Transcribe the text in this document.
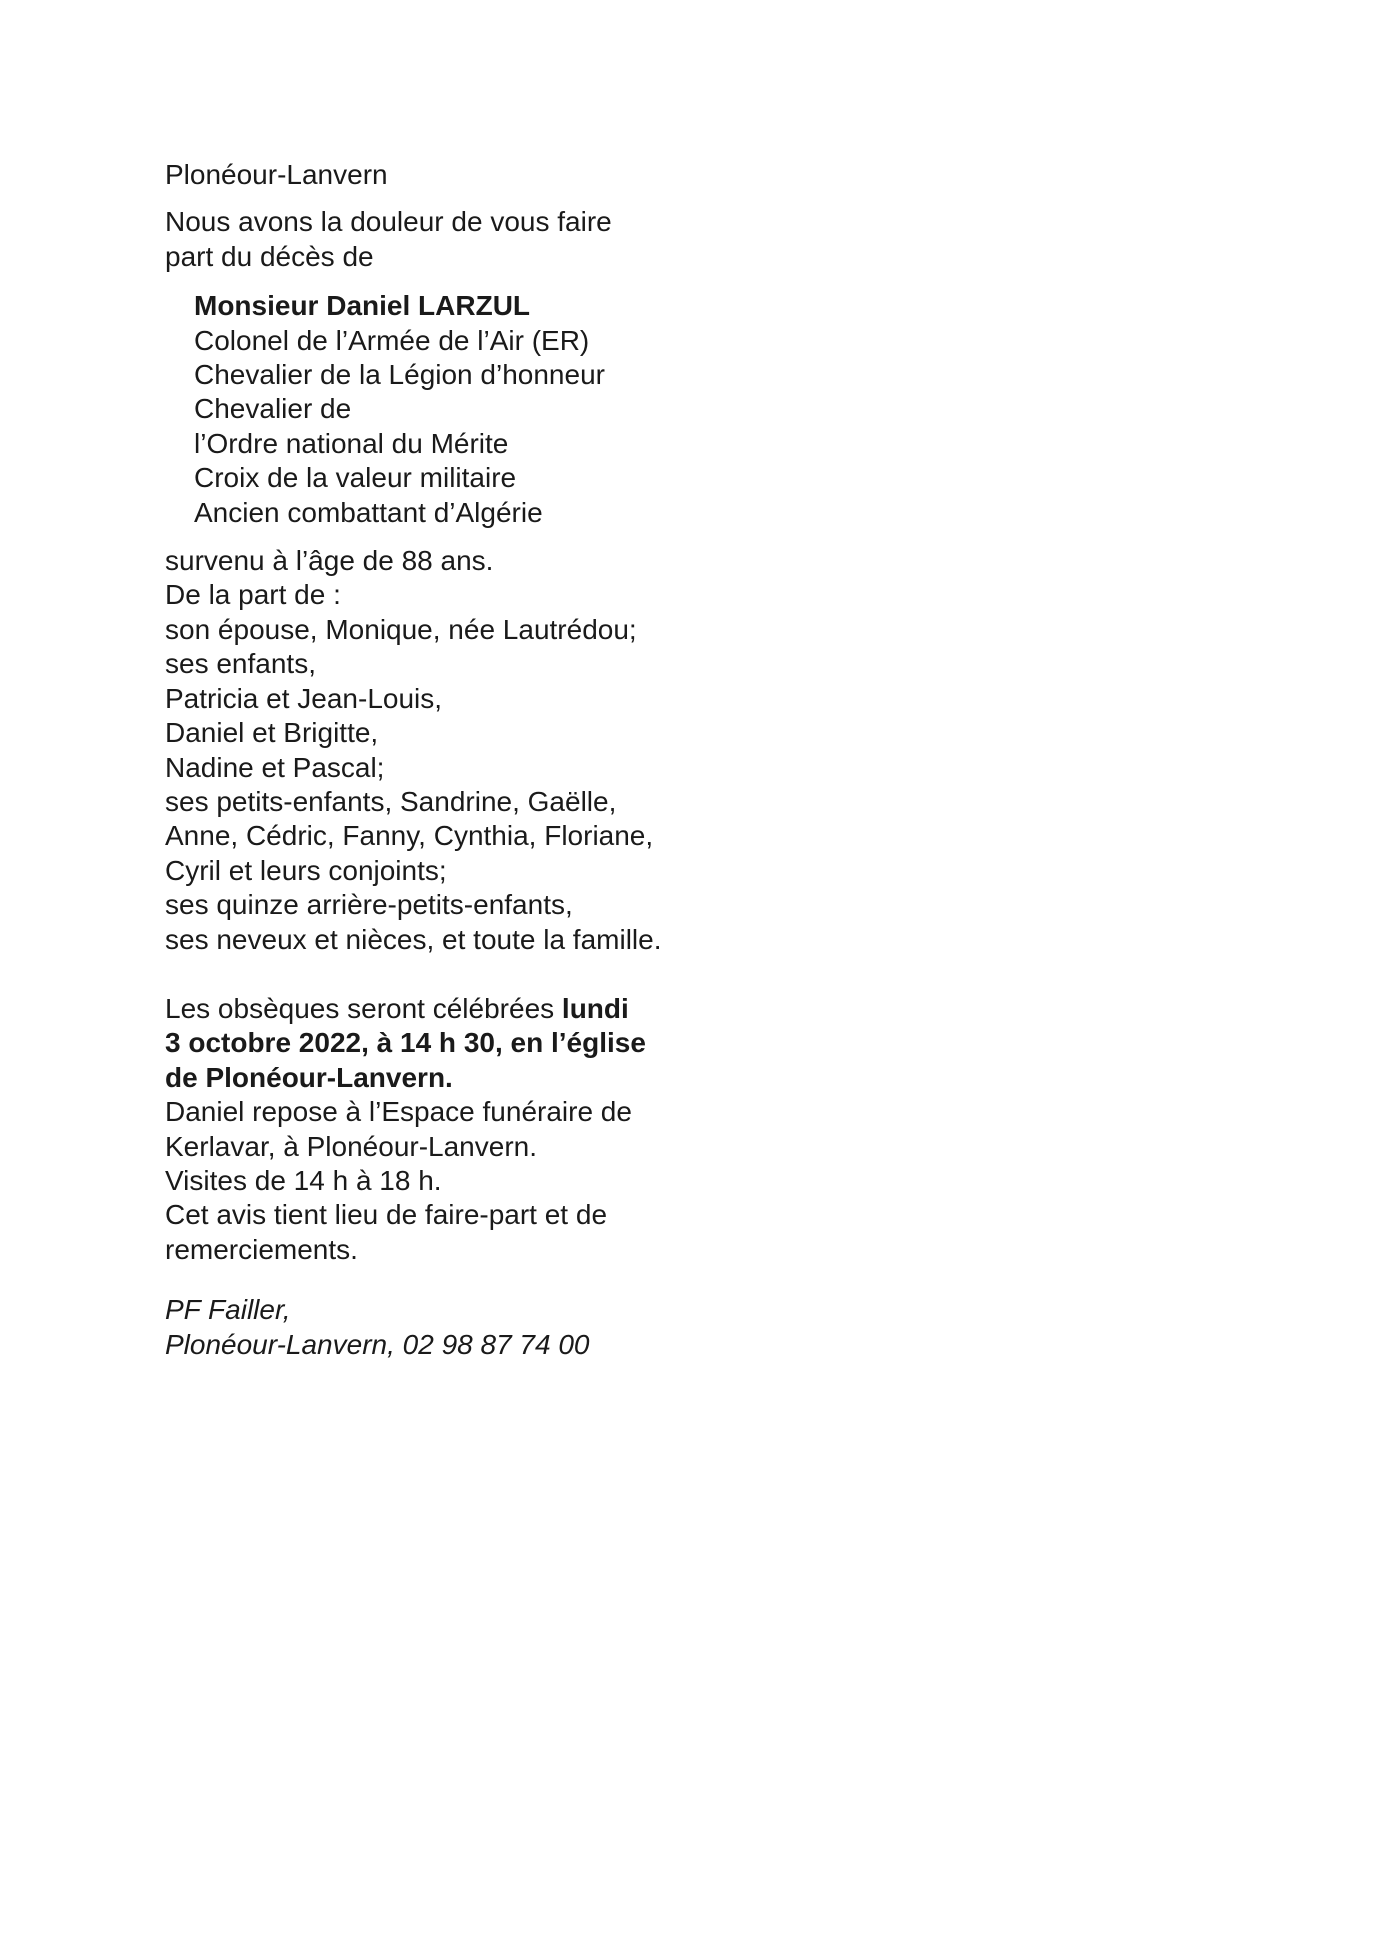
Plonéour-Lanvern
Nous avons la douleur de vous faire
part du décès de
Monsieur Daniel LARZUL
Colonel de l’Armée de l’Air (ER)
Chevalier de la Légion d’honneur
Chevalier de
l’Ordre national du Mérite
Croix de la valeur militaire
Ancien combattant d’Algérie
survenu à l’âge de 88 ans.
De la part de :
son épouse, Monique, née Lautrédou;
ses enfants,
Patricia et Jean-Louis,
Daniel et Brigitte,
Nadine et Pascal;
ses petits-enfants, Sandrine, Gaëlle,
Anne, Cédric, Fanny, Cynthia, Floriane,
Cyril et leurs conjoints;
ses quinze arrière-petits-enfants,
ses neveux et nièces, et toute la famille.
Les obsèques seront célébrées lundi
3 octobre 2022, à 14 h 30, en l’église
de Plonéour-Lanvern.
Daniel repose à l’Espace funéraire de
Kerlavar, à Plonéour-Lanvern.
Visites de 14 h à 18 h.
Cet avis tient lieu de faire-part et de
remerciements.
PF Failler,
Plonéour-Lanvern, 02 98 87 74 00
